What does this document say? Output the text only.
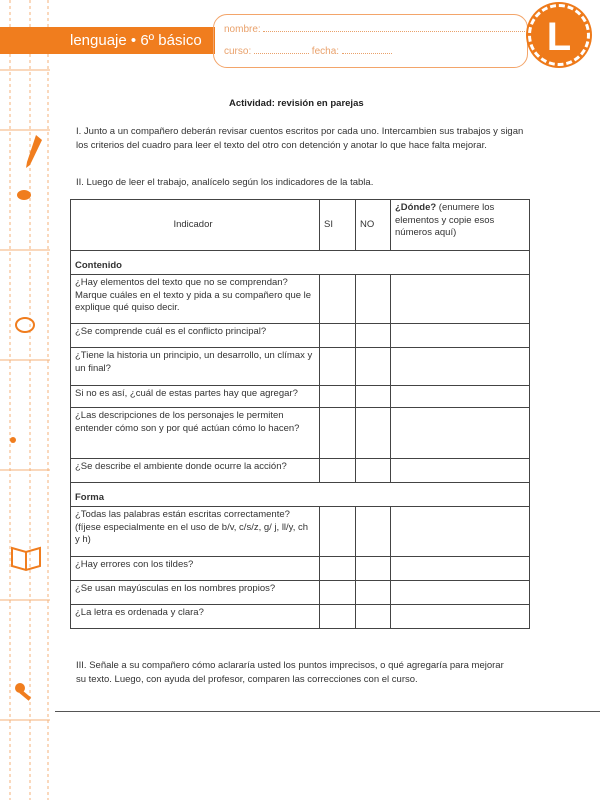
lenguaje • 6º básico
nombre:
curso:	fecha:	L
Actividad: revisión en parejas
I. Junto a un compañero deberán revisar cuentos escritos por cada uno. Intercambien sus trabajos y sigan los criterios del cuadro para leer el texto del otro con detención y anotar lo que hace falta mejorar.
II. Luego de leer el trabajo, analícelo según los indicadores de la tabla.
Indicador	SI	NO	¿Dónde? (enumere los elementos y copie esos números aquí)
Contenido			
¿Hay elementos del texto que no se comprendan? Marque cuáles en el texto y pida a su compañero que le explique qué quiso decir.			
¿Se comprende cuál es el conflicto principal?			
¿Tiene la historia un principio, un desarrollo, un clímax y un final?			
Si no es así, ¿cuál de estas partes hay que agregar?			
¿Las descripciones de los personajes le permiten entender cómo son y por qué actúan cómo lo hacen?			
¿Se describe el ambiente donde ocurre la acción?			
Forma			
¿Todas las palabras están escritas correctamente? (fíjese especialmente en el uso de b/v, c/s/z, g/ j, ll/y, ch y h)			
¿Hay errores con los tildes?			
¿Se usan mayúsculas en los nombres propios?			
¿La letra es ordenada y clara?			
III. Señale a su compañero cómo aclararía usted los puntos imprecisos, o qué agregaría para mejorar su texto. Luego, con ayuda del profesor, comparen las correcciones con el curso.
